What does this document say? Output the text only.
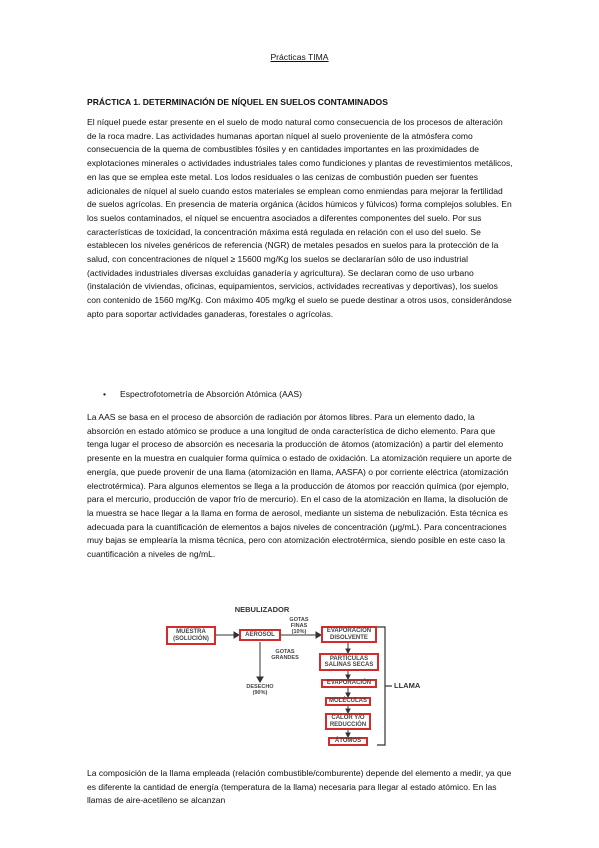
Prácticas TIMA
PRÁCTICA 1. DETERMINACIÓN DE NÍQUEL EN SUELOS CONTAMINADOS

El níquel puede estar presente en el suelo de modo natural como consecuencia de los procesos de alteración de la roca madre. Las actividades humanas aportan níquel al suelo proveniente de la atmósfera como consecuencia de la quema de combustibles fósiles y en cantidades importantes en las proximidades de explotaciones minerales o actividades industriales tales como fundiciones y plantas de revestimientos metálicos, en las que se emplea este metal. Los lodos residuales o las cenizas de combustión pueden ser fuentes adicionales de níquel al suelo cuando estos materiales se emplean como enmiendas para mejorar la fertilidad de suelos agrícolas. En presencia de materia orgánica (ácidos húmicos y fúlvicos) forma complejos solubles. En los suelos contaminados, el níquel se encuentra asociados a diferentes componentes del suelo. Por sus características de toxicidad, la concentración máxima está regulada en relación con el uso del suelo. Se establecen los niveles genéricos de referencia (NGR) de metales pesados en suelos para la protección de la salud, con concentraciones de níquel ≥ 15600 mg/Kg los suelos se declararían sólo de uso industrial (actividades industriales diversas excluidas ganadería y agricultura). Se declaran como de uso urbano (instalación de viviendas, oficinas, equipamientos, servicios, actividades recreativas y deportivas), los suelos con contenido de 1560 mg/Kg. Con máximo 405 mg/kg el suelo se puede destinar a otros usos, considerándose apto para soportar actividades ganaderas, forestales o agrícolas.

• Espectrofotometría de Absorción Atómica (AAS)

La AAS se basa en el proceso de absorción de radiación por átomos libres. Para un elemento dado, la absorción en estado atómico se produce a una longitud de onda característica de dicho elemento. Para que tenga lugar el proceso de absorción es necesaria la producción de átomos (atomización) a partir del elemento presente en la muestra en cualquier forma química o estado de oxidación. La atomización requiere un aporte de energía, que puede provenir de una llama (atomización en llama, AASFA) o por corriente eléctrica (atomización electrotérmica). Para algunos elementos se llega a la producción de átomos por reacción química (por ejemplo, para el mercurio, producción de vapor frío de mercurio). En el caso de la atomización en llama, la disolución de la muestra se hace llegar a la llama en forma de aerosol, mediante un sistema de nebulización. Esta técnica es adecuada para la cuantificación de elementos a bajos niveles de concentración (μg/mL). Para concentraciones muy bajas se emplearía la misma técnica, pero con atomización electrotérmica, siendo posible en este caso la cuantificación a niveles de ng/mL.

NEBULIZADOR
MUESTRA
(SOLUCIÓN)
AEROSOL
GOTAS
FINAS
(10%)
GOTAS
GRANDES
DESECHO
(90%)
EVAPORACIÓN
DISOLVENTE
PARTÍCULAS
SALINAS SECAS
EVAPORACIÓN
MOLÉCULAS
CALOR Y/O
REDUCCIÓN
ÁTOMOS
LLAMA

La composición de la llama empleada (relación combustible/comburente) depende del elemento a medir, ya que es diferente la cantidad de energía (temperatura de la llama) necesaria para llegar al estado atómico. En las llamas de aire-acetileno se alcanzan
